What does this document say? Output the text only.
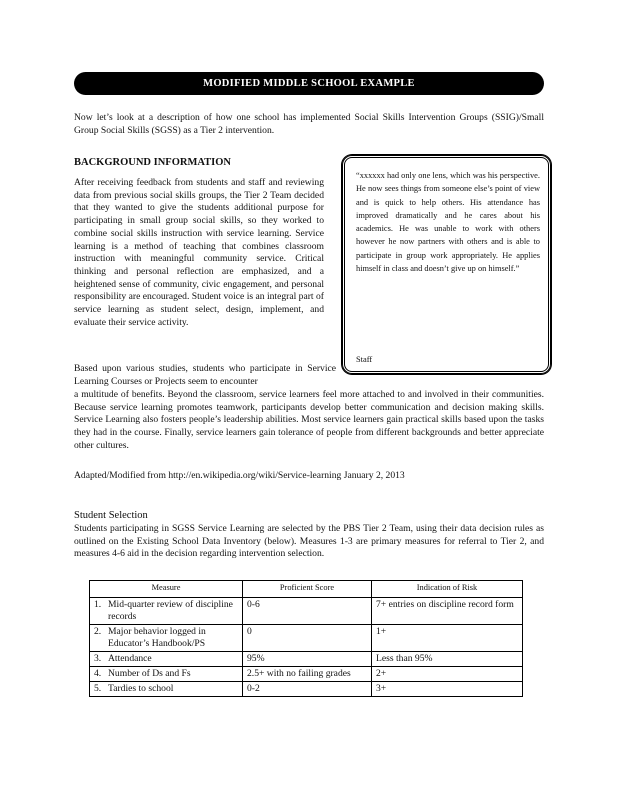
MODIFIED MIDDLE SCHOOL EXAMPLE

Now let’s look at a description of how one school has implemented Social Skills Intervention Groups (SSIG)/Small Group Social Skills (SGSS) as a Tier 2 intervention.

BACKGROUND INFORMATION

After receiving feedback from students and staff and reviewing data from previous social skills groups, the Tier 2 Team decided that they wanted to give the students additional purpose for participating in small group social skills, so they worked to combine social skills instruction with service learning. Service learning is a method of teaching that combines classroom instruction with meaningful community service. Critical thinking and personal reflection are emphasized, and a heightened sense of community, civic engagement, and personal responsibility are encouraged. Student voice is an integral part of service learning as student select, design, implement, and evaluate their service activity.

Based upon various studies, students who participate in Service Learning Courses or Projects seem to encounter

a multitude of benefits. Beyond the classroom, service learners feel more attached to and involved in their communities. Because service learning promotes teamwork, participants develop better communication and decision making skills. Service Learning also fosters people’s leadership abilities. Most service learners gain practical skills based upon the tasks they had in the course. Finally, service learners gain tolerance of people from different backgrounds and better appreciate other cultures.

Adapted/Modified from http://en.wikipedia.org/wiki/Service-learning January 2, 2013

“xxxxxx had only one lens, which was his perspective. He now sees things from someone else’s point of view and is quick to help others. His attendance has improved dramatically and he cares about his academics. He was unable to work with others however he now partners with others and is able to participate in group work appropriately. He applies himself in class and doesn’t give up on himself.”

Staff

Student Selection

Students participating in SGSS Service Learning are selected by the PBS Tier 2 Team, using their data decision rules as outlined on the Existing School Data Inventory (below). Measures 1-3 are primary measures for referral to Tier 2, and measures 4-6 aid in the decision regarding intervention selection.

Measure	Proficient Score	Indication of Risk

1. Mid-quarter review of discipline records	0-6	7+ entries on discipline record form

2. Major behavior logged in Educator’s Handbook/PS	0	1+

3. Attendance	95%	Less than 95%

4. Number of Ds and Fs	2.5+ with no failing grades	2+

5. Tardies to school	0-2	3+
